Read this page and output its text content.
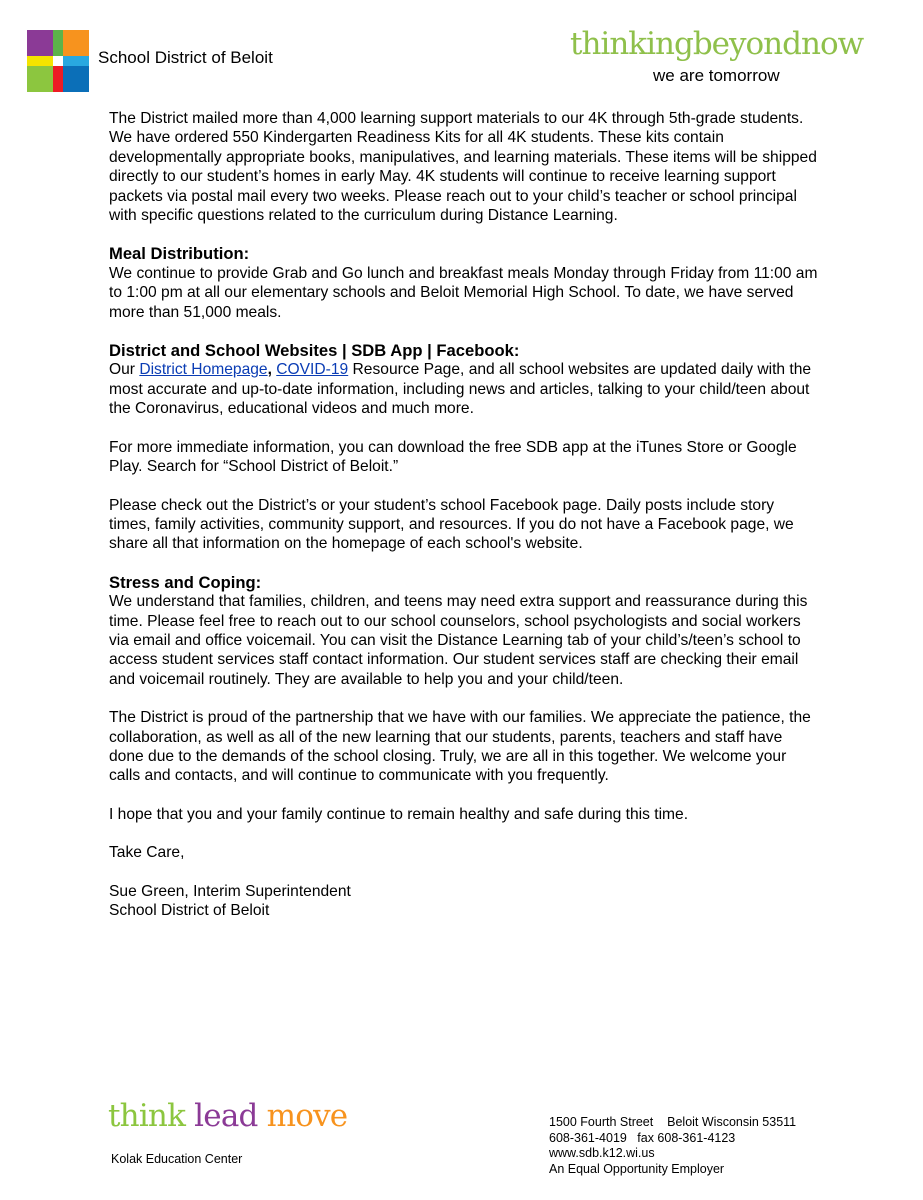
School District of Beloit	thinkingbeyondnow
we are tomorrow

The District mailed more than 4,000 learning support materials to our 4K through 5th-grade students. We have ordered 550 Kindergarten Readiness Kits for all 4K students. These kits contain developmentally appropriate books, manipulatives, and learning materials. These items will be shipped directly to our student’s homes in early May. 4K students will continue to receive learning support packets via postal mail every two weeks. Please reach out to your child’s teacher or school principal with specific questions related to the curriculum during Distance Learning.

Meal Distribution:

We continue to provide Grab and Go lunch and breakfast meals Monday through Friday from 11:00 am to 1:00 pm at all our elementary schools and Beloit Memorial High School. To date, we have served more than 51,000 meals.

District and School Websites | SDB App | Facebook:

Our District Homepage, COVID-19 Resource Page, and all school websites are updated daily with the most accurate and up-to-date information, including news and articles, talking to your child/teen about the Coronavirus, educational videos and much more.

For more immediate information, you can download the free SDB app at the iTunes Store or Google Play. Search for “School District of Beloit.”

Please check out the District’s or your student’s school Facebook page. Daily posts include story times, family activities, community support, and resources. If you do not have a Facebook page, we share all that information on the homepage of each school's website.

Stress and Coping:

We understand that families, children, and teens may need extra support and reassurance during this time. Please feel free to reach out to our school counselors, school psychologists and social workers via email and office voicemail. You can visit the Distance Learning tab of your child’s/teen’s school to access student services staff contact information. Our student services staff are checking their email and voicemail routinely. They are available to help you and your child/teen.

The District is proud of the partnership that we have with our families. We appreciate the patience, the collaboration, as well as all of the new learning that our students, parents, teachers and staff have done due to the demands of the school closing. Truly, we are all in this together. We welcome your calls and contacts, and will continue to communicate with you frequently.

I hope that you and your family continue to remain healthy and safe during this time.

Take Care,

Sue Green, Interim Superintendent
School District of Beloit

think lead move
Kolak Education Center
1500 Fourth Street    Beloit Wisconsin 53511
608-361-4019   fax 608-361-4123
www.sdb.k12.wi.us
An Equal Opportunity Employer
